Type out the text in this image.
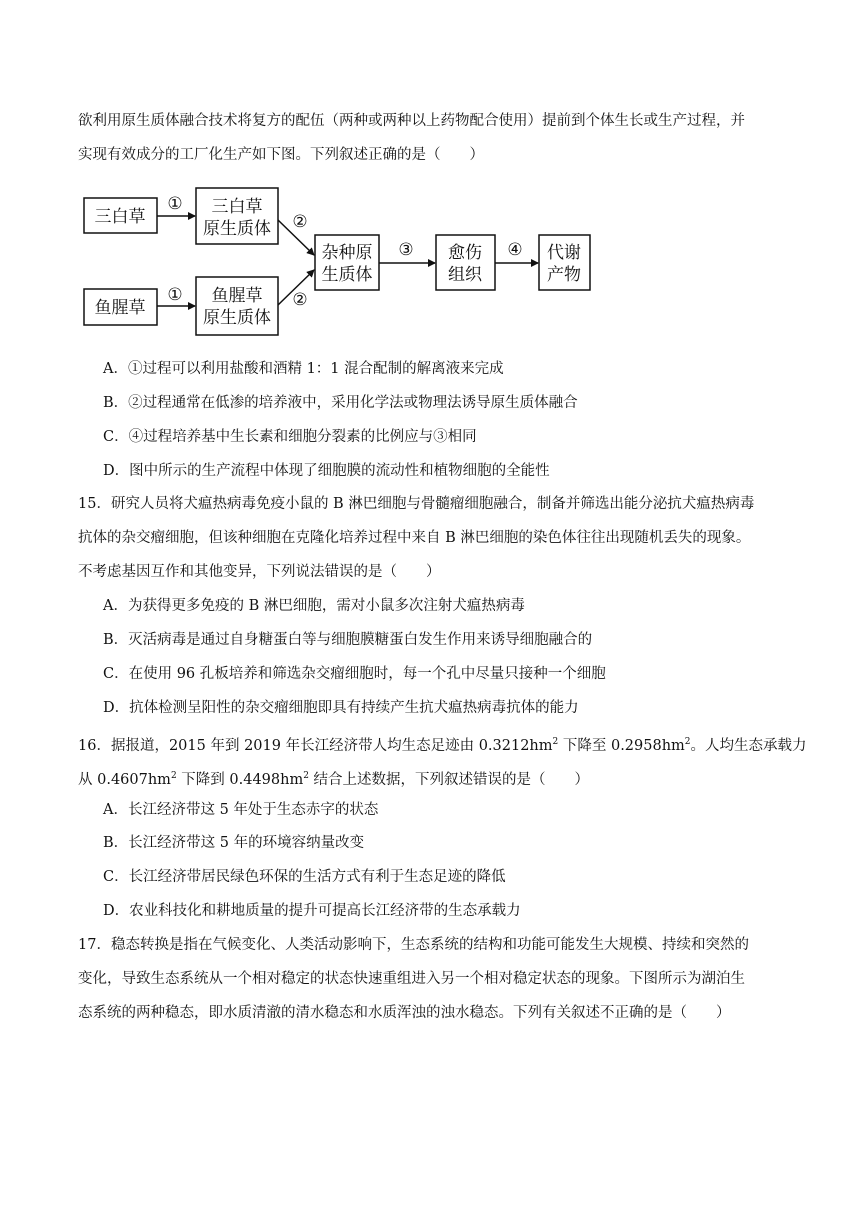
欲利用原生质体融合技术将复方的配伍（两种或两种以上药物配合使用）提前到个体生长或生产过程，并
实现有效成分的工厂化生产如下图。下列叙述正确的是（　　）
三白草	三白草
原生质体
鱼腥草
鱼腥草
原生质体
杂种原
生质体
愈伤
组织
代谢
产物
①
①
②
②
③	④
A．①过程可以利用盐酸和酒精 1：1 混合配制的解离液来完成
B．②过程通常在低渗的培养液中，采用化学法或物理法诱导原生质体融合
C．④过程培养基中生长素和细胞分裂素的比例应与③相同
D．图中所示的生产流程中体现了细胞膜的流动性和植物细胞的全能性
15．研究人员将犬瘟热病毒免疫小鼠的 B 淋巴细胞与骨髓瘤细胞融合，制备并筛选出能分泌抗犬瘟热病毒
抗体的杂交瘤细胞，但该种细胞在克隆化培养过程中来自 B 淋巴细胞的染色体往往出现随机丢失的现象。
不考虑基因互作和其他变异，下列说法错误的是（　　）
A．为获得更多免疫的 B 淋巴细胞，需对小鼠多次注射犬瘟热病毒
B．灭活病毒是通过自身糖蛋白等与细胞膜糖蛋白发生作用来诱导细胞融合的
C．在使用 96 孔板培养和筛选杂交瘤细胞时，每一个孔中尽量只接种一个细胞
D．抗体检测呈阳性的杂交瘤细胞即具有持续产生抗犬瘟热病毒抗体的能力
16．据报道，2015 年到 2019 年长江经济带人均生态足迹由 $0.3212hm^2$ 下降至 $0.2958hm^2$。人均生态承载力
从 $0.4607hm^2$ 下降到 $0.4498hm^2$ 结合上述数据，下列叙述错误的是（　　）
A．长江经济带这 5 年处于生态赤字的状态
B．长江经济带这 5 年的环境容纳量改变
C．长江经济带居民绿色环保的生活方式有利于生态足迹的降低
D．农业科技化和耕地质量的提升可提高长江经济带的生态承载力
17．稳态转换是指在气候变化、人类活动影响下，生态系统的结构和功能可能发生大规模、持续和突然的
变化，导致生态系统从一个相对稳定的状态快速重组进入另一个相对稳定状态的现象。下图所示为湖泊生
态系统的两种稳态，即水质清澈的清水稳态和水质浑浊的浊水稳态。下列有关叙述不正确的是（　　）
